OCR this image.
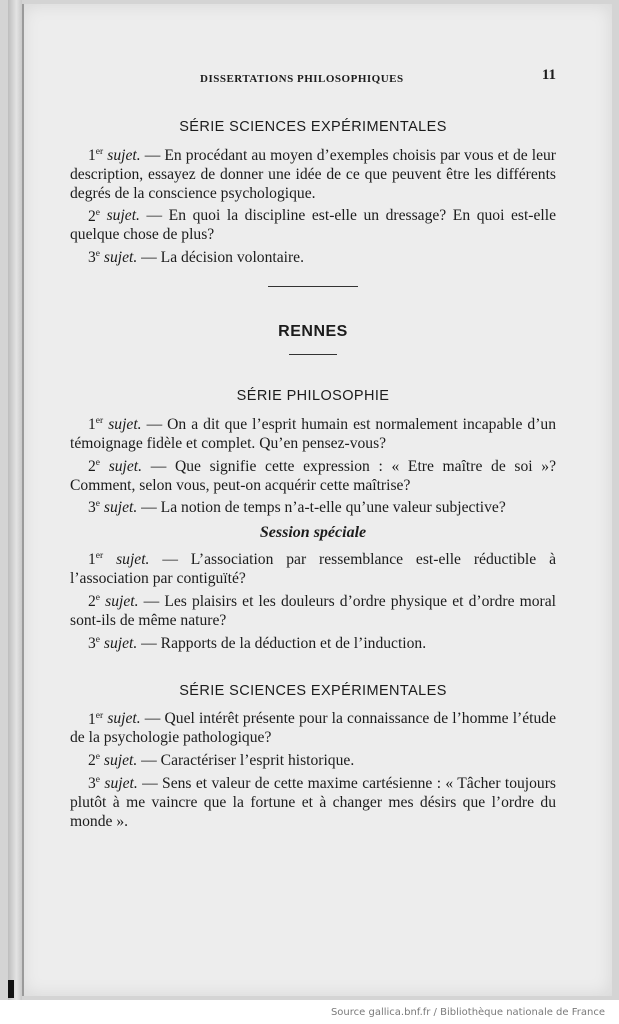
DISSERTATIONS PHILOSOPHIQUES	11
SÉRIE SCIENCES EXPÉRIMENTALES

1er sujet. — En procédant au moyen d’exemples choisis par vous et de leur description, essayez de donner une idée de ce que peuvent être les différents degrés de la conscience psychologique.

2e sujet. — En quoi la discipline est-elle un dressage? En quoi est-elle quelque chose de plus?

3e sujet. — La décision volontaire.

RENNES
SÉRIE PHILOSOPHIE

1er sujet. — On a dit que l’esprit humain est normalement incapable d’un témoignage fidèle et complet. Qu’en pensez-vous?

2e sujet. — Que signifie cette expression : « Etre maître de soi »? Comment, selon vous, peut-on acquérir cette maîtrise?

3e sujet. — La notion de temps n’a-t-elle qu’une valeur subjective?

Session spéciale

1er sujet. — L’association par ressemblance est-elle réductible à l’association par contiguïté?

2e sujet. — Les plaisirs et les douleurs d’ordre physique et d’ordre moral sont-ils de même nature?

3e sujet. — Rapports de la déduction et de l’induction.

SÉRIE SCIENCES EXPÉRIMENTALES

1er sujet. — Quel intérêt présente pour la connaissance de l’homme l’étude de la psychologie pathologique?

2e sujet. — Caractériser l’esprit historique.

3e sujet. — Sens et valeur de cette maxime cartésienne : « Tâcher toujours plutôt à me vaincre que la fortune et à changer mes désirs que l’ordre du monde ».

Source gallica.bnf.fr / Bibliothèque nationale de France
